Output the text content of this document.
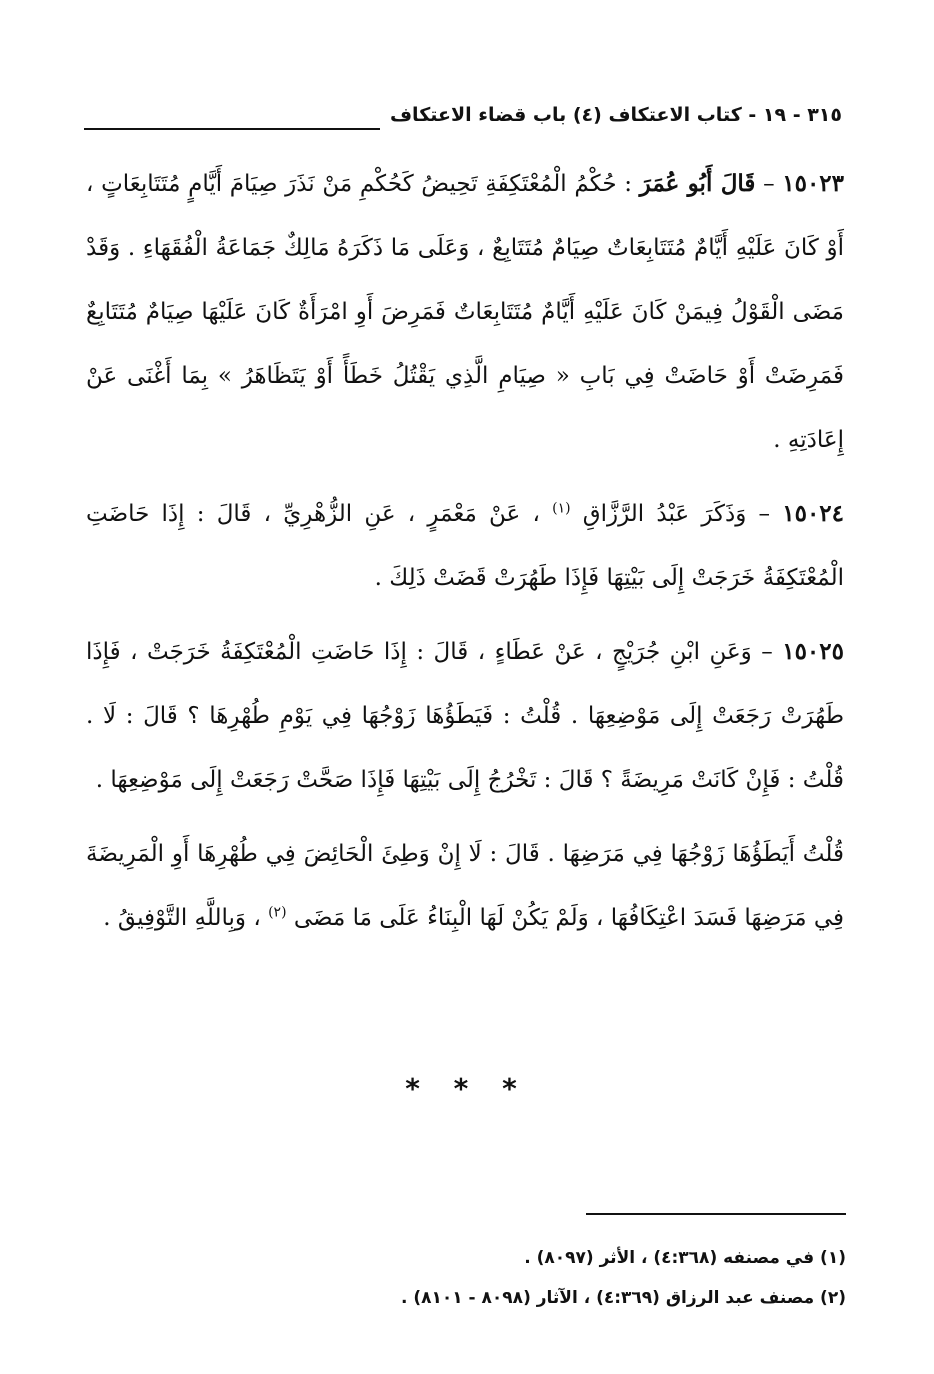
٣١٥ - ١٩ - كتاب الاعتكاف (٤) باب قضاء الاعتكاف

١٥٠٢٣ – قَالَ أَبُو عُمَرَ : حُكْمُ الْمُعْتَكِفَةِ تَحِيضُ كَحُكْمِ مَنْ نَذَرَ صِيَامَ أَيَّامٍ مُتَتَابِعَاتٍ ، أَوْ كَانَ عَلَيْهِ أَيَّامٌ مُتَتَابِعَاتٌ صِيَامٌ مُتَتَابِعٌ ، وَعَلَى مَا ذَكَرَهُ مَالِكٌ جَمَاعَةُ الْفُقَهَاءِ . وَقَدْ مَضَى الْقَوْلُ فِيمَنْ كَانَ عَلَيْهِ أَيَّامٌ مُتَتَابِعَاتٌ فَمَرِضَ أَوِ امْرَأَةٌ كَانَ عَلَيْهَا صِيَامٌ مُتَتَابِعٌ فَمَرِضَتْ أَوْ حَاضَتْ فِي بَابِ « صِيَامِ الَّذِي يَقْتُلُ خَطَأً أَوْ يَتَظَاهَرُ » بِمَا أَغْنَى عَنْ إِعَادَتِهِ .

١٥٠٢٤ – وَذَكَرَ عَبْدُ الرَّزَّاقِ $^{(١)}$ ، عَنْ مَعْمَرٍ ، عَنِ الزُّهْرِيِّ ، قَالَ : إِذَا حَاضَتِ الْمُعْتَكِفَةُ خَرَجَتْ إِلَى بَيْتِهَا فَإِذَا طَهُرَتْ قَضَتْ ذَلِكَ .

١٥٠٢٥ – وَعَنِ ابْنِ جُرَيْجٍ ، عَنْ عَطَاءٍ ، قَالَ : إِذَا حَاضَتِ الْمُعْتَكِفَةُ خَرَجَتْ ، فَإِذَا طَهُرَتْ رَجَعَتْ إِلَى مَوْضِعِهَا . قُلْتُ : فَيَطَؤُهَا زَوْجُهَا فِي يَوْمِ طُهْرِهَا ؟ قَالَ : لَا . قُلْتُ : فَإِنْ كَانَتْ مَرِيضَةً ؟ قَالَ : تَخْرُجُ إِلَى بَيْتِهَا فَإِذَا صَحَّتْ رَجَعَتْ إِلَى مَوْضِعِهَا .

قُلْتُ أَيَطَؤُهَا زَوْجُهَا فِي مَرَضِهَا . قَالَ : لَا إِنْ وَطِئَ الْحَائِضَ فِي طُهْرِهَا أَوِ الْمَرِيضَةَ فِي مَرَضِهَا فَسَدَ اعْتِكَافُهَا ، وَلَمْ يَكُنْ لَهَا الْبِنَاءُ عَلَى مَا مَضَى $^{(٢)}$ ، وَبِاللَّهِ التَّوْفِيقُ .

* * *
(١) في مصنفه (٤:٣٦٨) ، الأثر (٨٠٩٧) .
(٢) مصنف عبد الرزاق (٤:٣٦٩) ، الآثار (٨٠٩٨ - ٨١٠١) .
